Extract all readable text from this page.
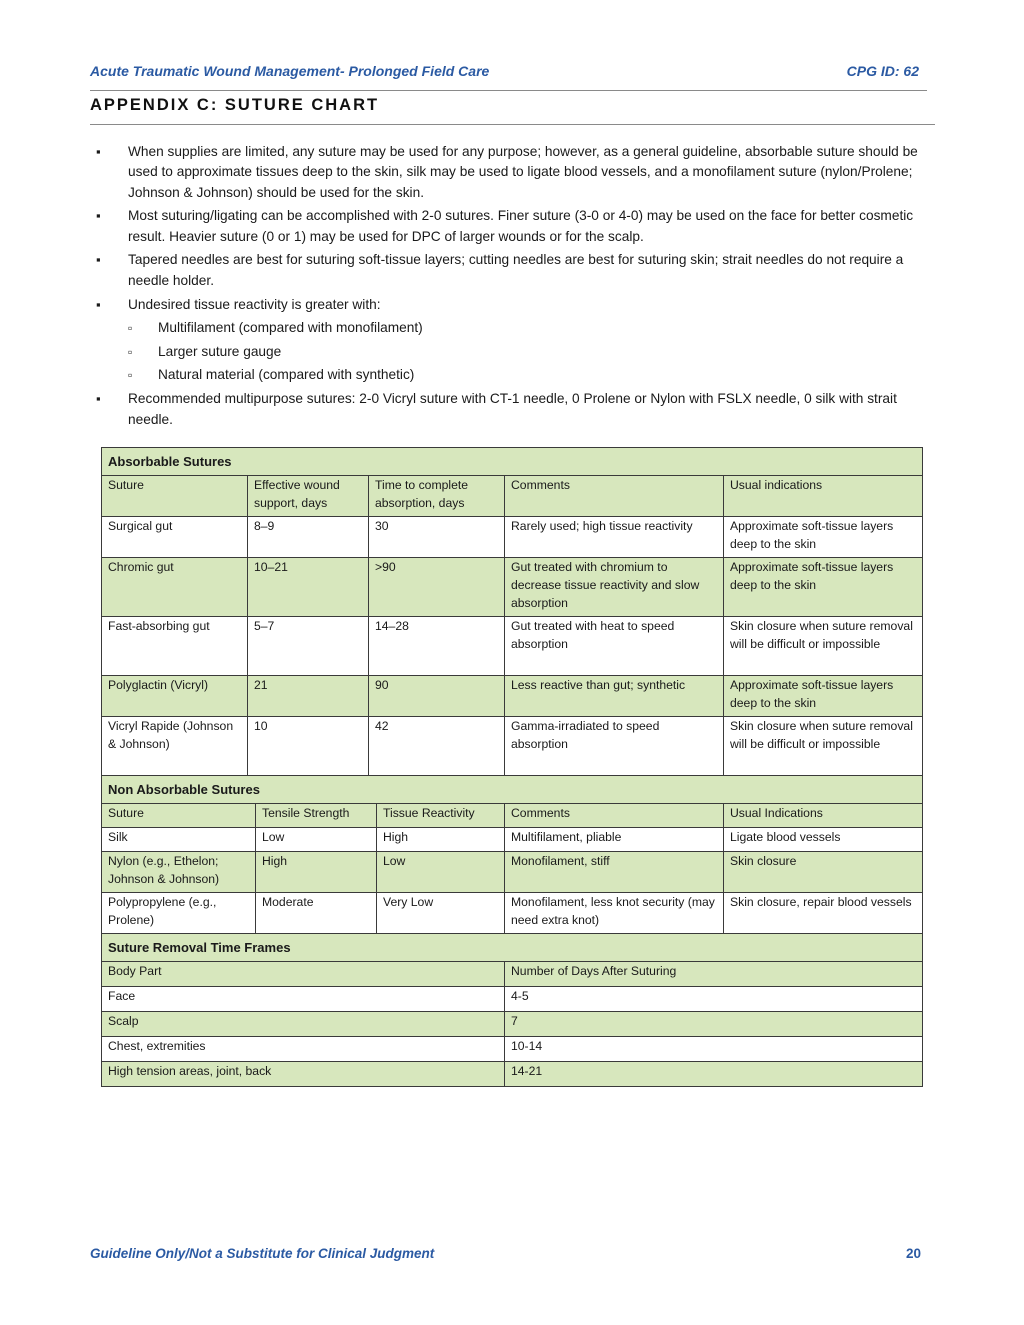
Acute Traumatic Wound Management- Prolonged Field Care	CPG ID: 62
APPENDIX C: SUTURE CHART
▪ When supplies are limited, any suture may be used for any purpose; however, as a general guideline, absorbable suture should be used to approximate tissues deep to the skin, silk may be used to ligate blood vessels, and a monofilament suture (nylon/Prolene; Johnson & Johnson) should be used for the skin.
▪ Most suturing/ligating can be accomplished with 2-0 sutures. Finer suture (3-0 or 4-0) may be used on the face for better cosmetic result. Heavier suture (0 or 1) may be used for DPC of larger wounds or for the scalp.
▪ Tapered needles are best for suturing soft-tissue layers; cutting needles are best for suturing skin; strait needles do not require a needle holder.
▪ Undesired tissue reactivity is greater with:
▫ Multifilament (compared with monofilament)
▫ Larger suture gauge
▫ Natural material (compared with synthetic)
▪ Recommended multipurpose sutures: 2-0 Vicryl suture with CT-1 needle, 0 Prolene or Nylon with FSLX needle, 0 silk with strait needle.
Absorbable Sutures						
Suture	Effective wound support, days		Time to complete absorption, days		Comments	Usual indications
Surgical gut	8–9		30		Rarely used; high tissue reactivity	Approximate soft-tissue layers deep to the skin
Chromic gut	10–21		>90		Gut treated with chromium to decrease tissue reactivity and slow absorption	Approximate soft-tissue layers deep to the skin
Fast-absorbing gut	5–7		14–28		Gut treated with heat to speed absorption	Skin closure when suture removal will be difficult or impossible
Polyglactin (Vicryl)	21		90		Less reactive than gut; synthetic	Approximate soft-tissue layers deep to the skin
Vicryl Rapide (Johnson & Johnson)	10		42		Gamma-irradiated to speed absorption	Skin closure when suture removal will be difficult or impossible
Non Absorbable Sutures						
Suture		Tensile Strength		Tissue Reactivity	Comments	Usual Indications
Silk		Low		High	Multifilament, pliable	Ligate blood vessels
Nylon (e.g., Ethelon; Johnson & Johnson)		High		Low	Monofilament, stiff	Skin closure
Polypropylene (e.g., Prolene)		Moderate		Very Low	Monofilament, less knot security (may need extra knot)	Skin closure, repair blood vessels
Suture Removal Time Frames						
Body Part					Number of Days After Suturing	
Face					4-5	
Scalp					7	
Chest, extremities					10-14	
High tension areas, joint, back					14-21	
Guideline Only/Not a Substitute for Clinical Judgment	20
